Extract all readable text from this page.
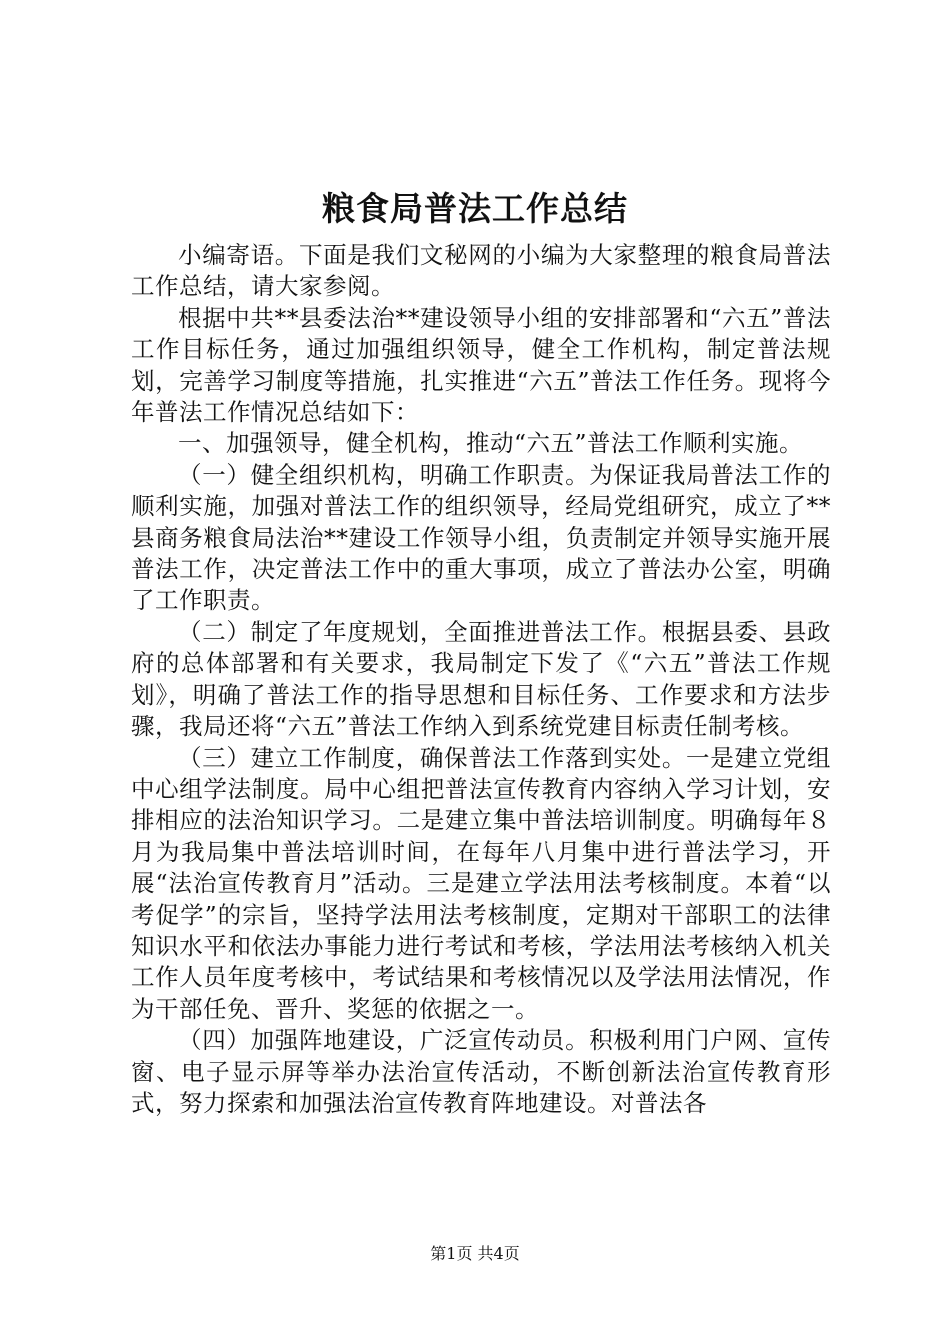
粮食局普法工作总结

小编寄语。下面是我们文秘网的小编为大家整理的粮食局普法工作总结，请大家参阅。

根据中共**县委法治**建设领导小组的安排部署和“六五”普法工作目标任务，通过加强组织领导，健全工作机构，制定普法规划，完善学习制度等措施，扎实推进“六五”普法工作任务。现将今年普法工作情况总结如下：

一、加强领导，健全机构，推动“六五”普法工作顺利实施。

（一）健全组织机构，明确工作职责。为保证我局普法工作的顺利实施，加强对普法工作的组织领导，经局党组研究，成立了**县商务粮食局法治**建设工作领导小组，负责制定并领导实施开展普法工作，决定普法工作中的重大事项，成立了普法办公室，明确了工作职责。

（二）制定了年度规划，全面推进普法工作。根据县委、县政府的总体部署和有关要求，我局制定下发了《“六五”普法工作规划》，明确了普法工作的指导思想和目标任务、工作要求和方法步骤，我局还将“六五”普法工作纳入到系统党建目标责任制考核。

（三）建立工作制度，确保普法工作落到实处。一是建立党组中心组学法制度。局中心组把普法宣传教育内容纳入学习计划，安排相应的法治知识学习。二是建立集中普法培训制度。明确每年８月为我局集中普法培训时间，在每年八月集中进行普法学习，开展“法治宣传教育月”活动。三是建立学法用法考核制度。本着“以考促学”的宗旨，坚持学法用法考核制度，定期对干部职工的法律知识水平和依法办事能力进行考试和考核，学法用法考核纳入机关工作人员年度考核中，考试结果和考核情况以及学法用法情况，作为干部任免、晋升、奖惩的依据之一。

（四）加强阵地建设，广泛宣传动员。积极利用门户网、宣传窗、电子显示屏等举办法治宣传活动，不断创新法治宣传教育形式，努力探索和加强法治宣传教育阵地建设。对普法各

第1页 共4页
